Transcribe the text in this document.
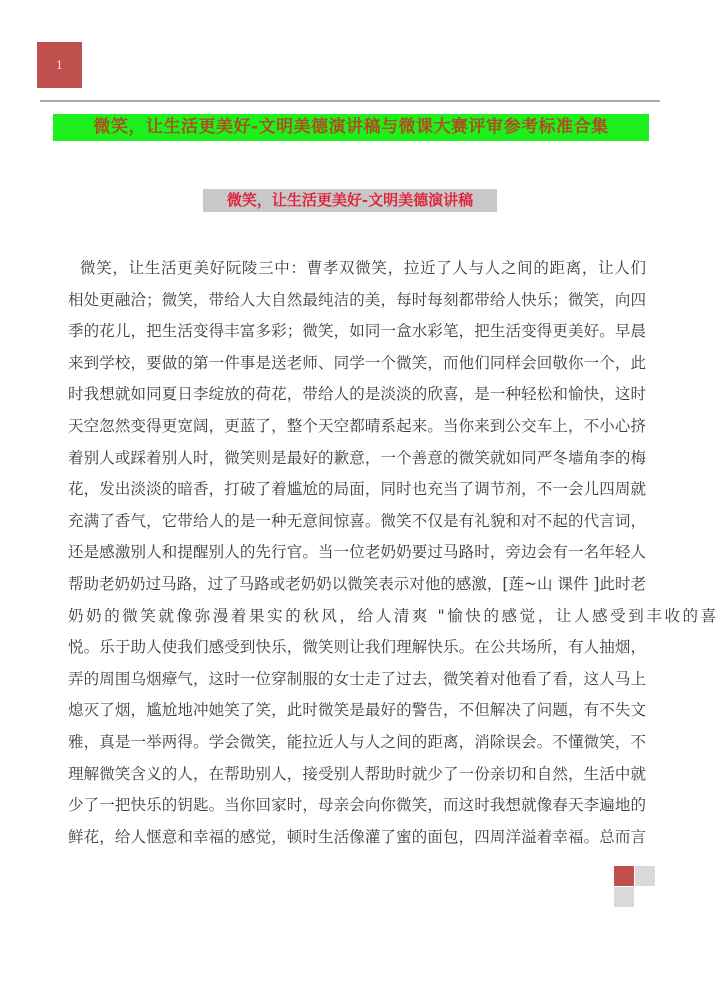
1
微笑，让生活更美好-文明美德演讲稿与微课大赛评审参考标准合集
微笑，让生活更美好-文明美德演讲稿
微笑，让生活更美好阮陵三中：曹孝双微笑，拉近了人与人之间的距离，让人们
相处更融洽；微笑，带给人大自然最纯洁的美，每时每刻都带给人快乐；微笑，向四
季的花儿，把生活变得丰富多彩；微笑，如同一盒水彩笔，把生活变得更美好。早晨
来到学校，要做的第一件事是送老师、同学一个微笑，而他们同样会回敬你一个，此
时我想就如同夏日李绽放的荷花，带给人的是淡淡的欣喜，是一种轻松和愉快，这时
天空忽然变得更宽阔，更蓝了，整个天空都晴系起来。当你来到公交车上，不小心挤
着别人或踩着别人时，微笑则是最好的歉意，一个善意的微笑就如同严冬墙角李的梅
花，发出淡淡的暗香，打破了着尴尬的局面，同时也充当了调节剂，不一会儿四周就
充满了香气，它带给人的是一种无意间惊喜。微笑不仅是有礼貌和对不起的代言词，
还是感激别人和提醒别人的先行官。当一位老奶奶要过马路时，旁边会有一名年轻人
帮助老奶奶过马路，过了马路或老奶奶以微笑表示对他的感激，[莲~山 课件 ]此时老
奶奶的微笑就像弥漫着果实的秋风，给人清爽 "愉快的感觉，让人感受到丰收的喜
悦。乐于助人使我们感受到快乐，微笑则让我们理解快乐。在公共场所，有人抽烟，
弄的周围乌烟瘴气，这时一位穿制服的女士走了过去，微笑着对他看了看，这人马上
熄灭了烟，尴尬地冲她笑了笑，此时微笑是最好的警告，不但解决了问题，有不失文
雅，真是一举两得。学会微笑，能拉近人与人之间的距离，消除误会。不懂微笑，不
理解微笑含义的人，在帮助别人，接受别人帮助时就少了一份亲切和自然，生活中就
少了一把快乐的钥匙。当你回家时，母亲会向你微笑，而这时我想就像春天李遍地的
鲜花，给人惬意和幸福的感觉，顿时生活像灌了蜜的面包，四周洋溢着幸福。总而言
